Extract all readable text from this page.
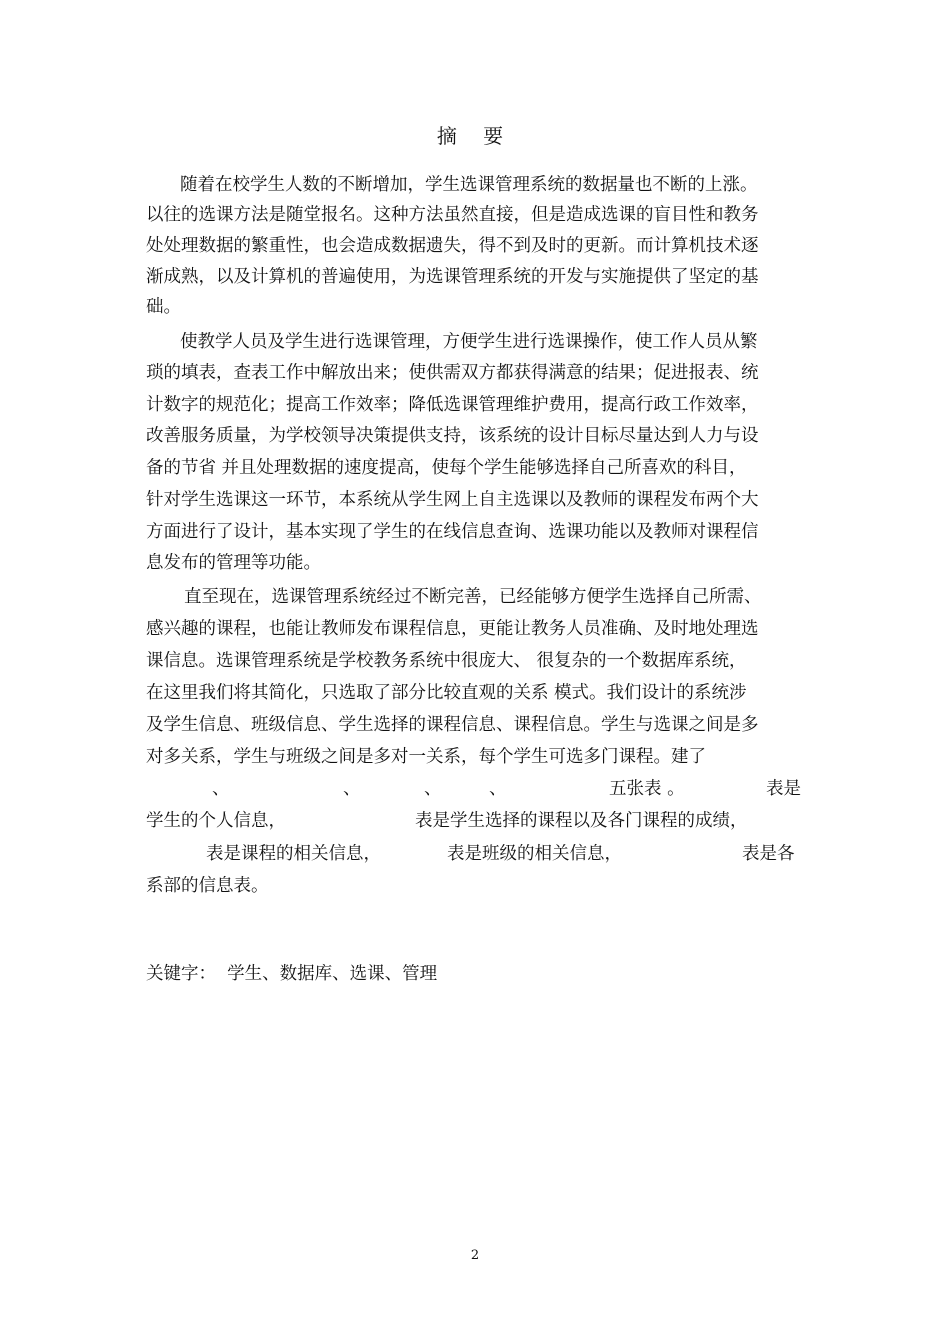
摘 要
随着在校学生人数的不断增加，学生选课管理系统的数据量也不断的上涨。
以往的选课方法是随堂报名。这种方法虽然直接，但是造成选课的盲目性和教务
处处理数据的繁重性，也会造成数据遗失，得不到及时的更新。而计算机技术逐
渐成熟，以及计算机的普遍使用，为选课管理系统的开发与实施提供了坚定的基
础。
使教学人员及学生进行选课管理，方便学生进行选课操作，使工作人员从繁
琐的填表，查表工作中解放出来；使供需双方都获得满意的结果；促进报表、统
计数字的规范化；提高工作效率；降低选课管理维护费用，提高行政工作效率，
改善服务质量，为学校领导决策提供支持，该系统的设计目标尽量达到人力与设
备的节省 并且处理数据的速度提高，使每个学生能够选择自己所喜欢的科目，
针对学生选课这一环节，本系统从学生网上自主选课以及教师的课程发布两个大
方面进行了设计，基本实现了学生的在线信息查询、选课功能以及教师对课程信
息发布的管理等功能。
直至现在，选课管理系统经过不断完善，已经能够方便学生选择自己所需、
感兴趣的课程，也能让教师发布课程信息，更能让教务人员准确、及时地处理选
课信息。选课管理系统是学校教务系统中很庞大、 很复杂的一个数据库系统，
在这里我们将其简化，只选取了部分比较直观的关系 模式。我们设计的系统涉
及学生信息、班级信息、学生选择的课程信息、课程信息。学生与选课之间是多
对多关系，学生与班级之间是多对一关系，每个学生可选多门课程。建了
、	、	、	、	五张表 。	表是
学生的个人信息，	表是学生选择的课程以及各门课程的成绩，
表是课程的相关信息，	表是班级的相关信息，	表是各
系部的信息表。
关键字：  学生、数据库、选课、管理
2
